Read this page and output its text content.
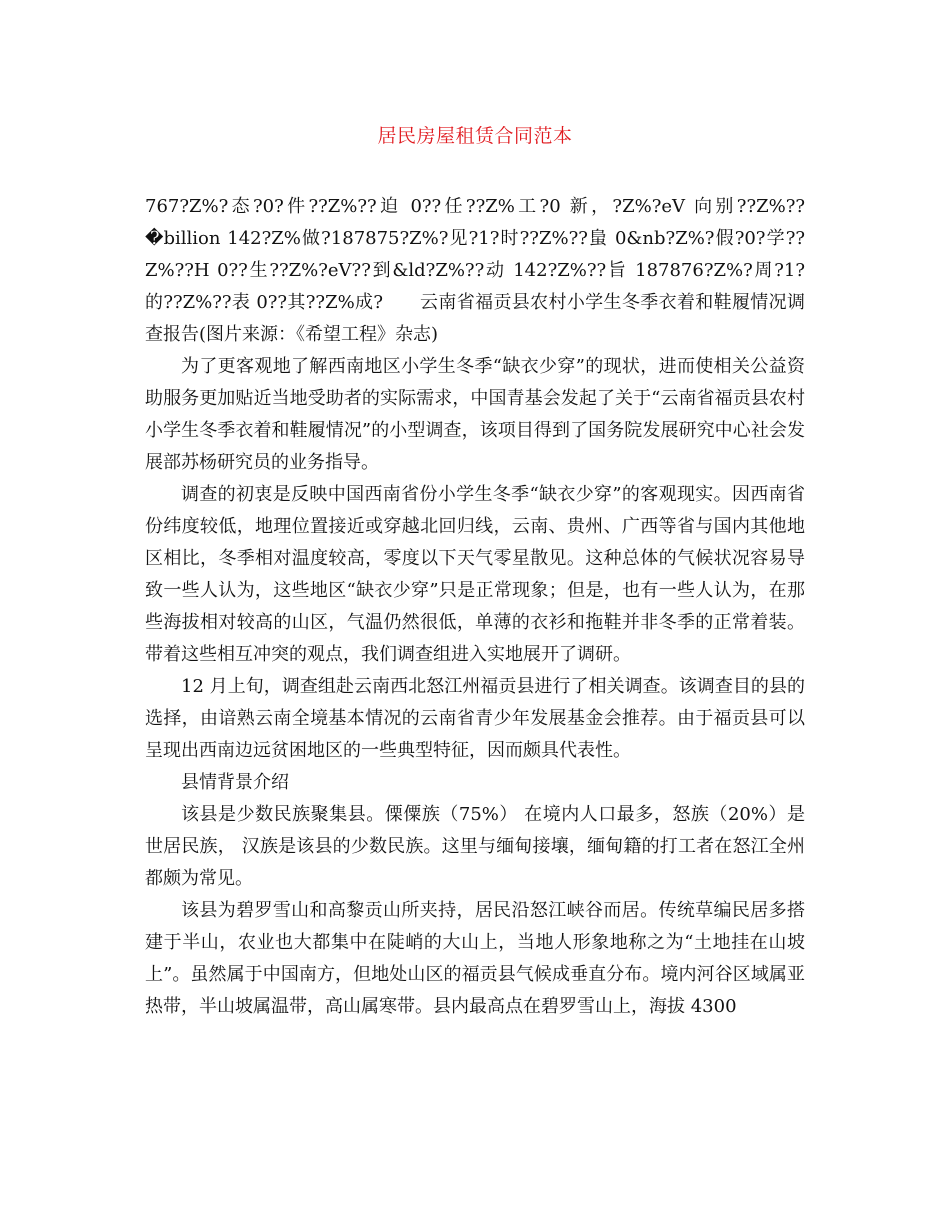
居民房屋租赁合同范本

767?Z%?态?0?件??Z%??迫 0??任??Z%工?0 新，?Z%?eV 向别??Z%??�billion 142?Z%做?187875?Z%?见?1?时??Z%??蛗 0&nb?Z%?假?0?学??Z%??H 0??生??Z%?eV??到&ld?Z%??动 142?Z%??旨 187876?Z%?周?1?的??Z%??表 0??其??Z%成?　　云南省福贡县农村小学生冬季衣着和鞋履情况调查报告(图片来源：《希望工程》杂志)

为了更客观地了解西南地区小学生冬季“缺衣少穿”的现状，进而使相关公益资助服务更加贴近当地受助者的实际需求，中国青基会发起了关于“云南省福贡县农村小学生冬季衣着和鞋履情况”的小型调查，该项目得到了国务院发展研究中心社会发展部苏杨研究员的业务指导。

调查的初衷是反映中国西南省份小学生冬季“缺衣少穿”的客观现实。因西南省份纬度较低，地理位置接近或穿越北回归线，云南、贵州、广西等省与国内其他地区相比，冬季相对温度较高，零度以下天气零星散见。这种总体的气候状况容易导致一些人认为，这些地区“缺衣少穿”只是正常现象；但是，也有一些人认为，在那些海拔相对较高的山区，气温仍然很低，单薄的衣衫和拖鞋并非冬季的正常着装。带着这些相互冲突的观点，我们调查组进入实地展开了调研。

12 月上旬，调查组赴云南西北怒江州福贡县进行了相关调查。该调查目的县的选择，由谙熟云南全境基本情况的云南省青少年发展基金会推荐。由于福贡县可以呈现出西南边远贫困地区的一些典型特征，因而颇具代表性。

县情背景介绍

该县是少数民族聚集县。傈僳族（75%） 在境内人口最多，怒族（20%）是世居民族， 汉族是该县的少数民族。这里与缅甸接壤，缅甸籍的打工者在怒江全州都颇为常见。

该县为碧罗雪山和高黎贡山所夹持，居民沿怒江峡谷而居。传统草编民居多搭建于半山，农业也大都集中在陡峭的大山上，当地人形象地称之为“土地挂在山坡上”。虽然属于中国南方，但地处山区的福贡县气候成垂直分布。境内河谷区域属亚热带，半山坡属温带，高山属寒带。县内最高点在碧罗雪山上，海拔 4300
